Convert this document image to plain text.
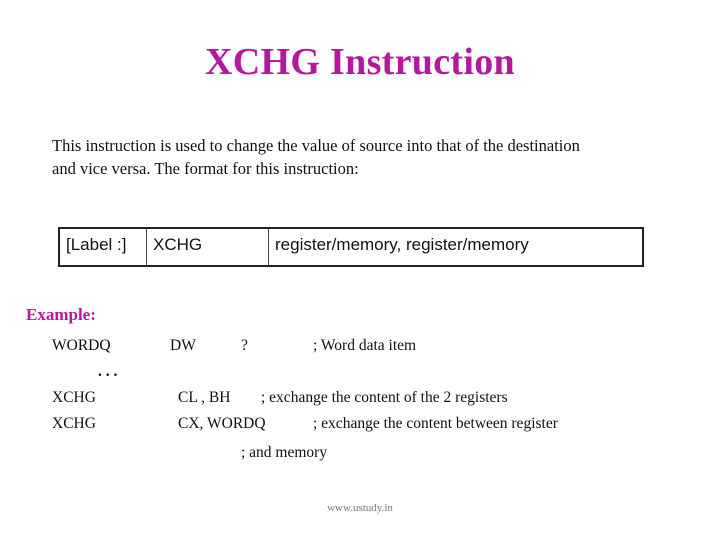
XCHG Instruction
This instruction is used to change the value of source into that of the destination
and vice versa. The format for this instruction:
[Label :]	XCHG	register/memory, register/memory
Example:
WORDQ	DW	?	; Word data item
. . .
XCHG	CL , BH ; exchange the content of the 2 registers
XCHG	CX, WORDQ	; exchange the content between register
; and memory
www.ustudy.in
